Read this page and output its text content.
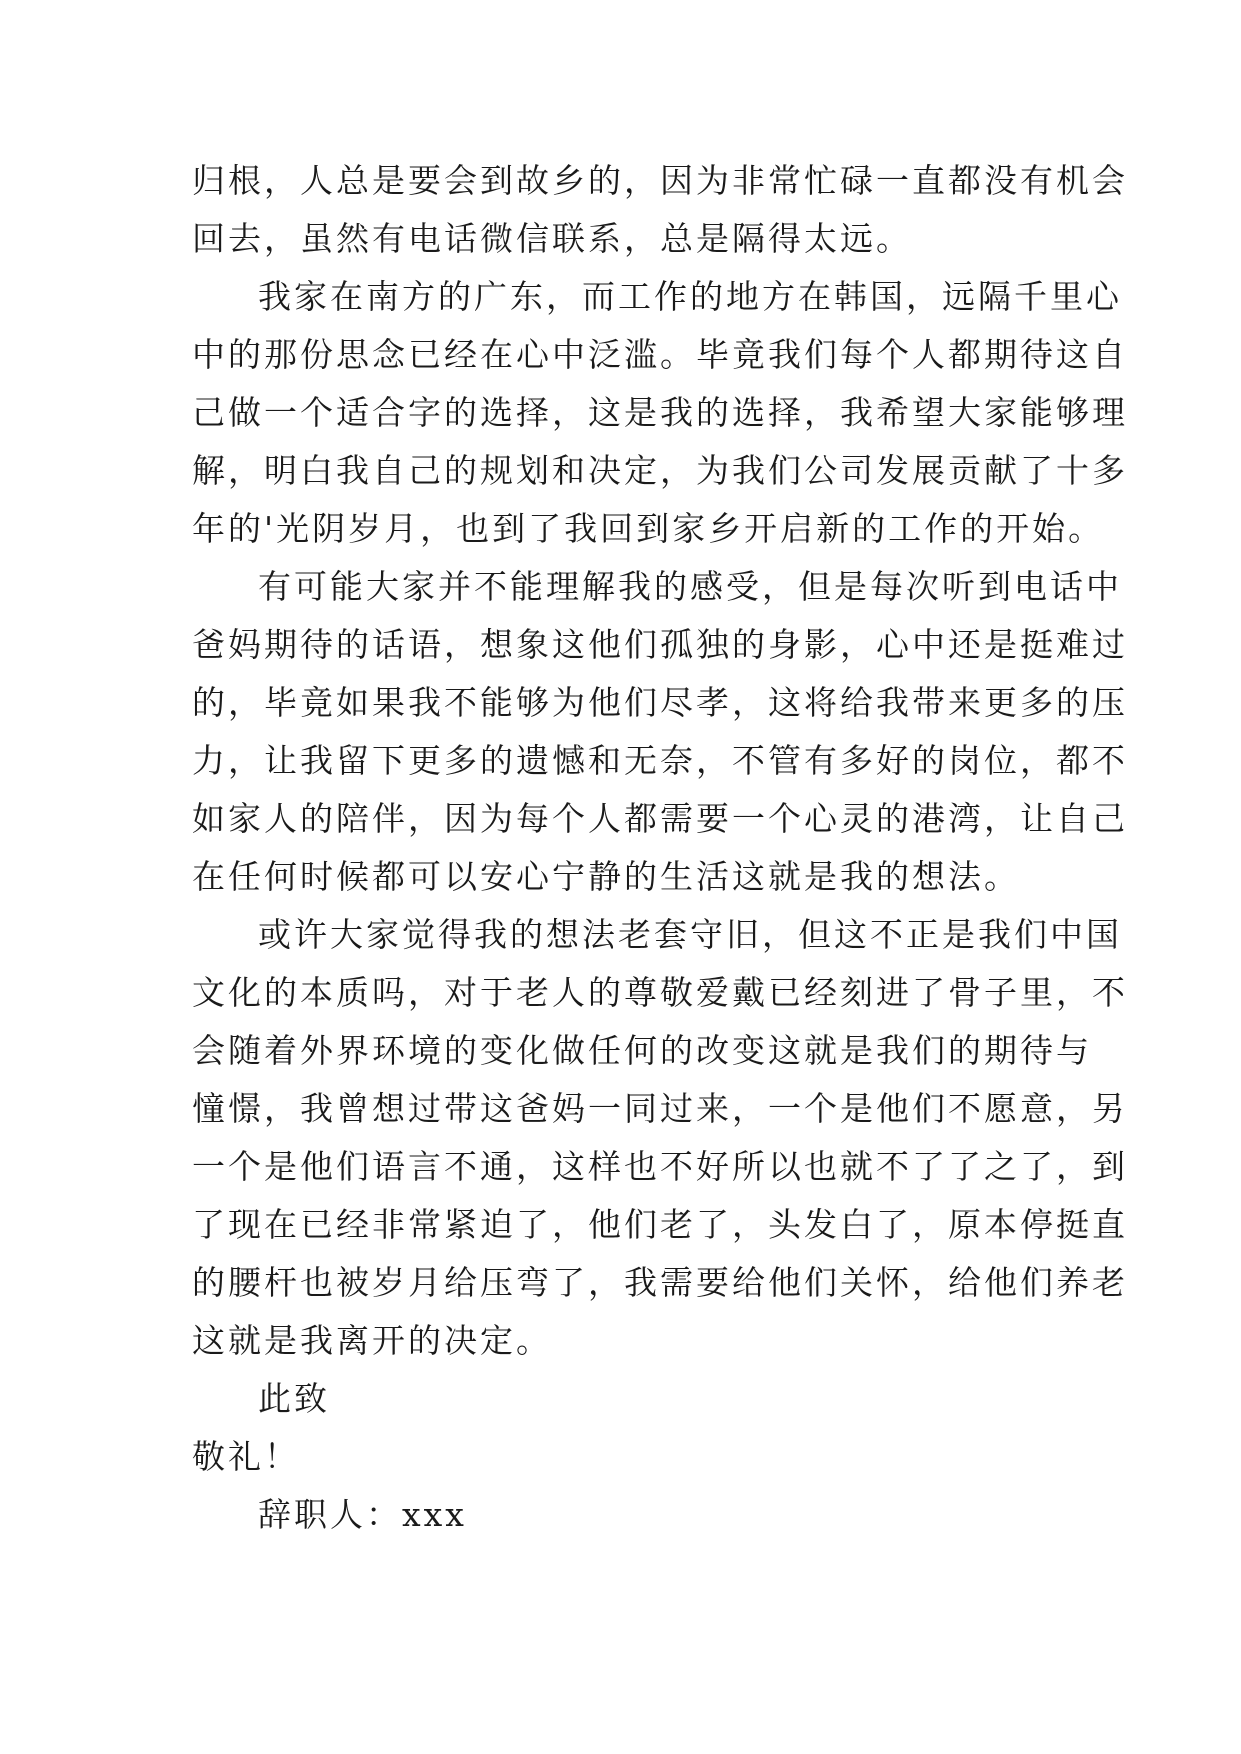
归根，人总是要会到故乡的，因为非常忙碌一直都没有机会

回去，虽然有电话微信联系，总是隔得太远。

我家在南方的广东，而工作的地方在韩国，远隔千里心

中的那份思念已经在心中泛滥。毕竟我们每个人都期待这自

己做一个适合字的选择，这是我的选择，我希望大家能够理

解，明白我自己的规划和决定，为我们公司发展贡献了十多

年的'光阴岁月，也到了我回到家乡开启新的工作的开始。

有可能大家并不能理解我的感受，但是每次听到电话中

爸妈期待的话语，想象这他们孤独的身影，心中还是挺难过

的，毕竟如果我不能够为他们尽孝，这将给我带来更多的压

力，让我留下更多的遗憾和无奈，不管有多好的岗位，都不

如家人的陪伴，因为每个人都需要一个心灵的港湾，让自己

在任何时候都可以安心宁静的生活这就是我的想法。

或许大家觉得我的想法老套守旧，但这不正是我们中国

文化的本质吗，对于老人的尊敬爱戴已经刻进了骨子里，不

会随着外界环境的变化做任何的改变这就是我们的期待与

憧憬，我曾想过带这爸妈一同过来，一个是他们不愿意，另

一个是他们语言不通，这样也不好所以也就不了了之了，到

了现在已经非常紧迫了，他们老了，头发白了，原本停挺直

的腰杆也被岁月给压弯了，我需要给他们关怀，给他们养老

这就是我离开的决定。

此致

敬礼！

辞职人：xxx
